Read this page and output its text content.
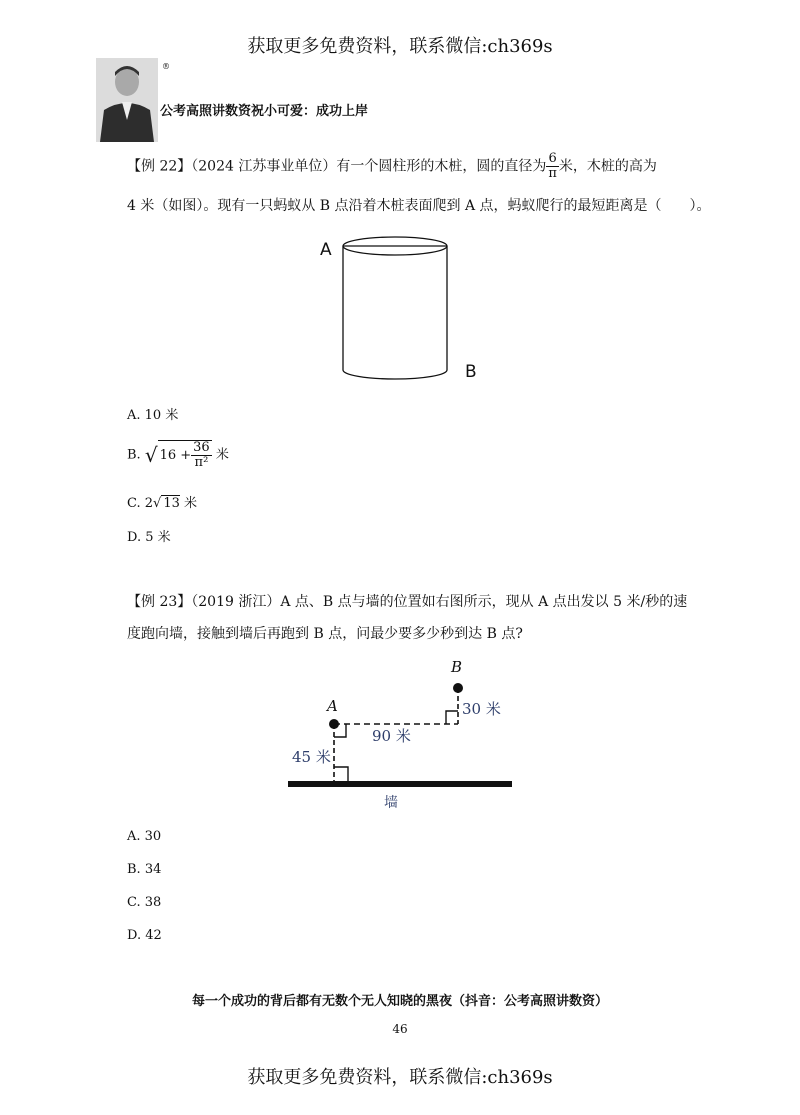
获取更多免费资料，联系微信:ch369s
®
公考高照讲数资祝小可爱：成功上岸
【例 22】（2024 江苏事业单位）有一个圆柱形的木桩，圆的直径为 $\frac{6}{\pi}$ 米，木桩的高为
4 米（如图）。现有一只蚂蚁从 B 点沿着木桩表面爬到 A 点，蚂蚁爬行的最短距离是（　　）。
A
B
A. 10 米
B. √ $16 + \frac{36}{\text{π²}}$ 米
C. 2√ 13 米
D. 5 米
【例 23】（2019 浙江）A 点、B 点与墙的位置如右图所示，现从 A 点出发以 5 米/秒的速
度跑向墙，接触到墙后再跑到 B 点，问最少要多少秒到达 B 点?
B
A	30 米
90 米
45 米
墙
A. 30
B. 34
C. 38
D. 42
每一个成功的背后都有无数个无人知晓的黑夜（抖音：公考高照讲数资）
46
获取更多免费资料，联系微信:ch369s
